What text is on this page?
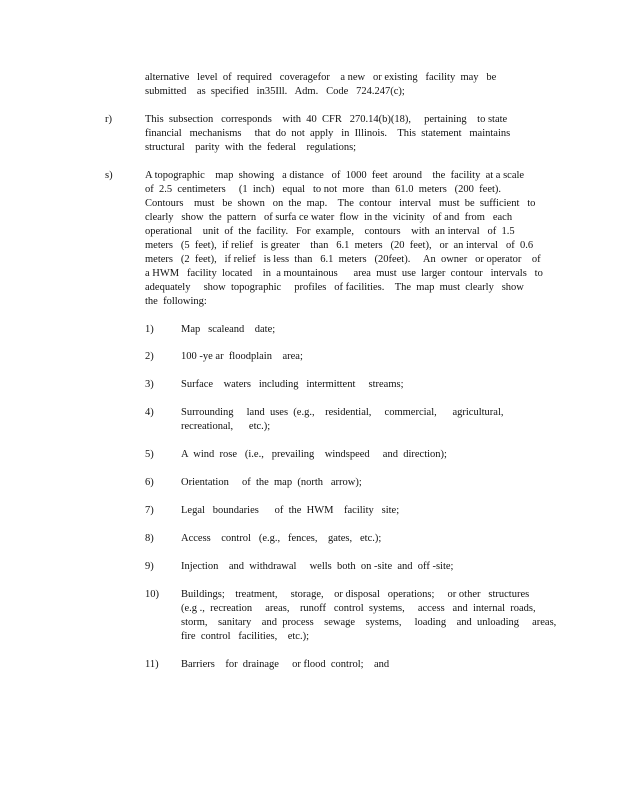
alternative   level  of  required   coveragefor    a new   or existing   facility  may   be
submitted    as  specified   in35Ill.   Adm.   Code   724.247(c);
r)	This  subsection   corresponds    with  40  CFR   270.14(b)(18),     pertaining    to state
financial   mechanisms     that  do  not  apply   in  Illinois.    This  statement   maintains
structural    parity  with  the  federal    regulations;
s)	A topographic    map  showing   a distance   of  1000  feet  around    the  facility  at a scale
of  2.5  centimeters     (1  inch)   equal   to not  more   than  61.0  meters   (200  feet).
Contours    must   be  shown   on  the  map.    The  contour   interval   must  be  sufficient   to
clearly   show  the  pattern   of surfa ce water  flow  in the  vicinity   of and  from   each
operational    unit  of  the  facility.   For  example,    contours    with  an interval   of  1.5
meters   (5  feet),  if relief   is greater    than   6.1  meters   (20  feet),   or  an interval   of  0.6
meters   (2  feet),   if relief   is less  than   6.1  meters   (20feet).     An  owner   or operator    of
a HWM   facility  located    in  a mountainous      area  must  use  larger  contour   intervals   to
adequately     show  topographic     profiles   of facilities.    The  map  must  clearly   show
the  following:
1)	Map   scaleand    date;
2)	100 -ye ar  floodplain    area;
3)	Surface    waters   including   intermittent     streams;
4)	Surrounding     land  uses  (e.g.,    residential,     commercial,      agricultural,
recreational,      etc.);
5)	A  wind  rose   (i.e.,   prevailing    windspeed     and  direction);
6)	Orientation     of  the  map  (north   arrow);
7)	Legal   boundaries      of  the  HWM    facility   site;
8)	Access    control   (e.g.,   fences,    gates,   etc.);
9)	Injection    and  withdrawal     wells  both  on -site  and  off -site;
10) Buildings;    treatment,     storage,    or disposal   operations;     or other   structures
(e.g .,  recreation     areas,    runoff   control  systems,     access   and  internal  roads,
storm,    sanitary    and  process    sewage    systems,     loading    and  unloading     areas,
fire  control   facilities,    etc.);
11) Barriers    for  drainage     or flood  control;    and
